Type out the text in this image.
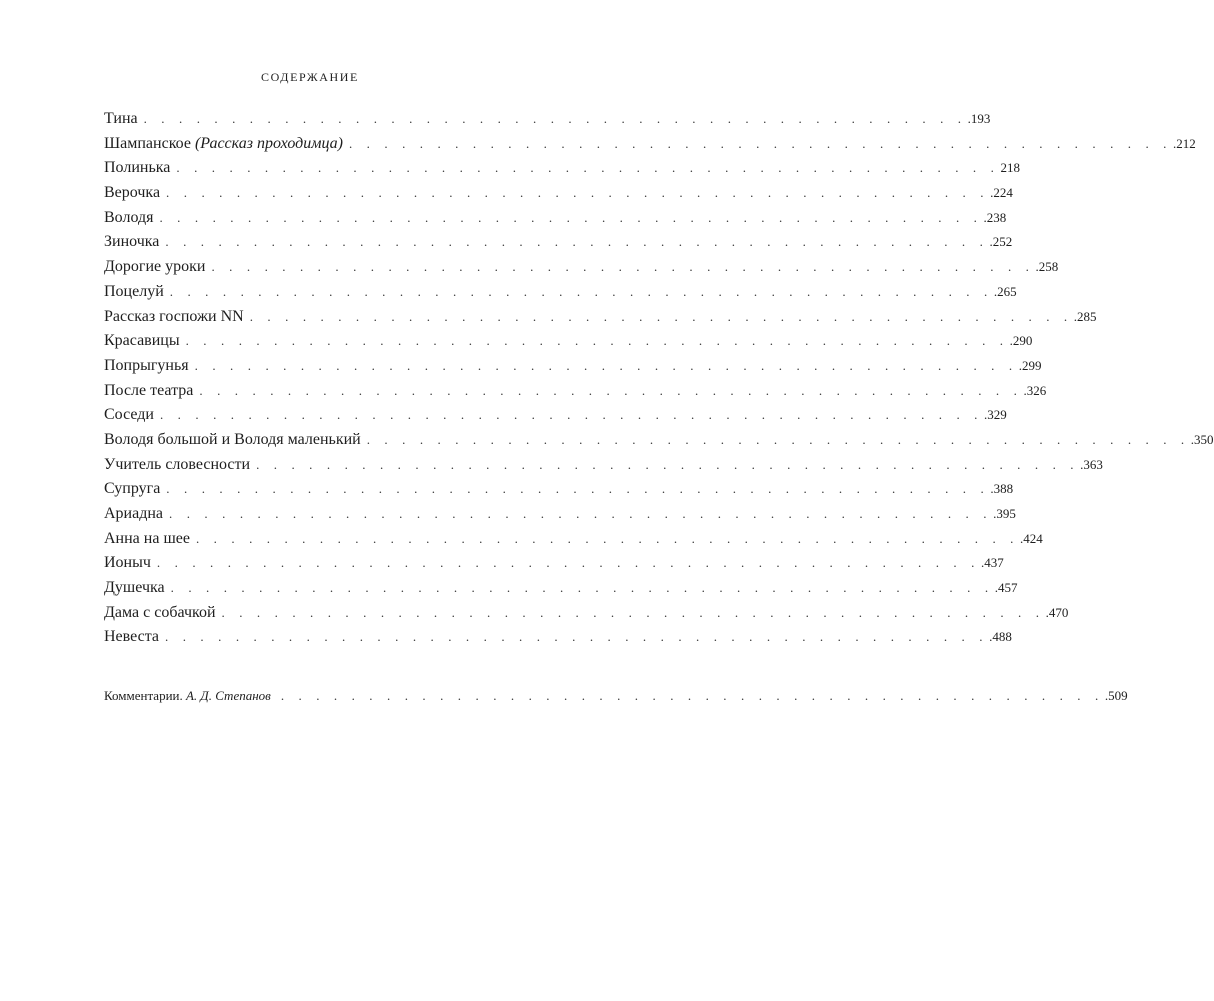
СОДЕРЖАНИЕ
Тина . . . . . . . . . . . . . . . . . . . . . . . . . . . . . . . . . . . . . . . . . . . . . . . .193
Шампанское (Рассказ проходимца) . . . . . . . . . . . . . . . . . . . . . . . . . . . . . . . . . . . . . . . . . . . . . . . .212
Полинька . . . . . . . . . . . . . . . . . . . . . . . . . . . . . . . . . . . . . . . . . . . . . . . 218
Верочка . . . . . . . . . . . . . . . . . . . . . . . . . . . . . . . . . . . . . . . . . . . . . . . .224
Володя . . . . . . . . . . . . . . . . . . . . . . . . . . . . . . . . . . . . . . . . . . . . . . . .238
Зиночка . . . . . . . . . . . . . . . . . . . . . . . . . . . . . . . . . . . . . . . . . . . . . . . .252
Дорогие уроки . . . . . . . . . . . . . . . . . . . . . . . . . . . . . . . . . . . . . . . . . . . . . . . .258
Поцелуй . . . . . . . . . . . . . . . . . . . . . . . . . . . . . . . . . . . . . . . . . . . . . . . .265
Рассказ госпожи NN . . . . . . . . . . . . . . . . . . . . . . . . . . . . . . . . . . . . . . . . . . . . . . . .285
Красавицы . . . . . . . . . . . . . . . . . . . . . . . . . . . . . . . . . . . . . . . . . . . . . . . .290
Попрыгунья . . . . . . . . . . . . . . . . . . . . . . . . . . . . . . . . . . . . . . . . . . . . . . . .299
После театра . . . . . . . . . . . . . . . . . . . . . . . . . . . . . . . . . . . . . . . . . . . . . . . .326
Соседи . . . . . . . . . . . . . . . . . . . . . . . . . . . . . . . . . . . . . . . . . . . . . . . .329
Володя большой и Володя маленький . . . . . . . . . . . . . . . . . . . . . . . . . . . . . . . . . . . . . . . . . . . . . . . .350
Учитель словесности . . . . . . . . . . . . . . . . . . . . . . . . . . . . . . . . . . . . . . . . . . . . . . . .363
Супруга . . . . . . . . . . . . . . . . . . . . . . . . . . . . . . . . . . . . . . . . . . . . . . . .388
Ариадна . . . . . . . . . . . . . . . . . . . . . . . . . . . . . . . . . . . . . . . . . . . . . . . .395
Анна на шее . . . . . . . . . . . . . . . . . . . . . . . . . . . . . . . . . . . . . . . . . . . . . . . .424
Ионыч . . . . . . . . . . . . . . . . . . . . . . . . . . . . . . . . . . . . . . . . . . . . . . . .437
Душечка . . . . . . . . . . . . . . . . . . . . . . . . . . . . . . . . . . . . . . . . . . . . . . . .457
Дама с собачкой . . . . . . . . . . . . . . . . . . . . . . . . . . . . . . . . . . . . . . . . . . . . . . . .470
Невеста . . . . . . . . . . . . . . . . . . . . . . . . . . . . . . . . . . . . . . . . . . . . . . . .488
Комментарии. А. Д. Степанов . . . . . . . . . . . . . . . . . . . . . . . . . . . . . . . . . . . . . . . . . . . . . . . .509
